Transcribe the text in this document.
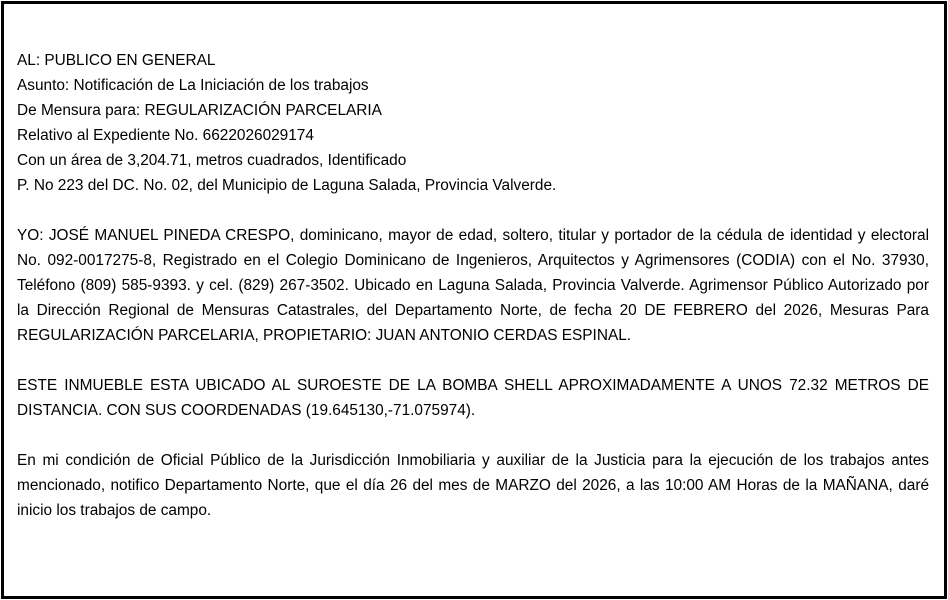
AL: PUBLICO EN GENERAL
Asunto: Notificación de La Iniciación de los trabajos
De Mensura para: REGULARIZACIÓN PARCELARIA
Relativo al Expediente No. 6622026029174
Con un área de 3,204.71, metros cuadrados, Identificado
P. No 223 del DC. No. 02, del Municipio de Laguna Salada, Provincia Valverde.
YO: JOSÉ MANUEL PINEDA CRESPO, dominicano, mayor de edad, soltero, titular y portador de la cédula de identidad y electoral No. 092-0017275-8, Registrado en el Colegio Dominicano de Ingenieros, Arquitectos y Agrimensores (CODIA) con el No. 37930, Teléfono (809) 585-9393. y cel. (829) 267-3502. Ubicado en Laguna Salada, Provincia Valverde. Agrimensor Público Autorizado por la Dirección Regional de Mensuras Catastrales, del Departamento Norte, de fecha 20 DE FEBRERO del 2026, Mesuras Para REGULARIZACIÓN PARCELARIA, PROPIETARIO: JUAN ANTONIO CERDAS ESPINAL.
ESTE INMUEBLE ESTA UBICADO AL SUROESTE DE LA BOMBA SHELL APROXIMADAMENTE A UNOS 72.32 METROS DE DISTANCIA. CON SUS COORDENADAS (19.645130,-71.075974).
En mi condición de Oficial Público de la Jurisdicción Inmobiliaria y auxiliar de la Justicia para la ejecución de los trabajos antes mencionado, notifico Departamento Norte, que el día 26 del mes de MARZO del 2026, a las 10:00 AM Horas de la MAÑANA, daré inicio los trabajos de campo.
